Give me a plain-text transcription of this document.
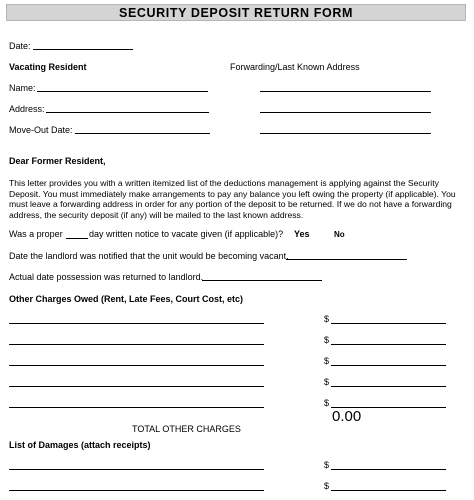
SECURITY DEPOSIT RETURN FORM
Date:
Vacating Resident	Forwarding/Last Known Address
Name:
Address:
Move-Out Date:
Dear Former Resident,
This letter provides you with a written itemized list of the deductions management is applying against the Security Deposit. You must immediately make arrangements to pay any balance you left owing the property (if applicable). You must leave a forwarding address in order for any portion of the deposit to be returned. If we do not have a forwarding address, the security deposit (if any) will be mailed to the last known address.
Was a proper	day written notice to vacate given (if applicable)? Yes	No
Date the landlord was notified that the unit would be becoming vacant.
Actual date possession was returned to landlord.
Other Charges Owed (Rent, Late Fees, Court Cost, etc)
$
$
$
$
$
TOTAL OTHER CHARGES
0.00
List of Damages (attach receipts)
$
$
